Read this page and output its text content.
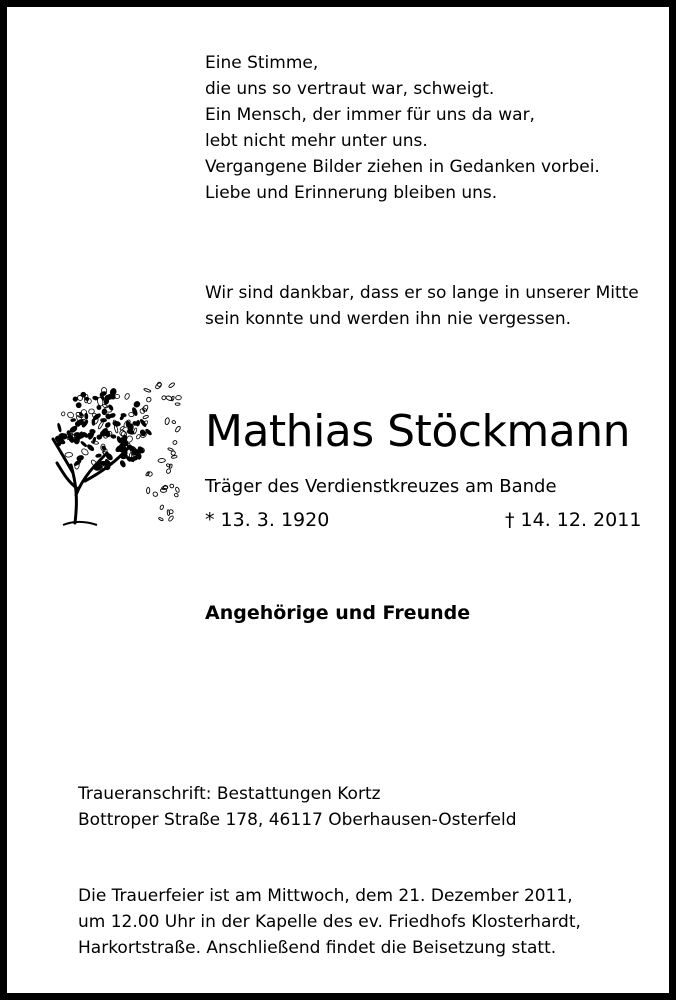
Eine Stimme,
die uns so vertraut war, schweigt.
Ein Mensch, der immer für uns da war,
lebt nicht mehr unter uns.
Vergangene Bilder ziehen in Gedanken vorbei.
Liebe und Erinnerung bleiben uns.
Wir sind dankbar, dass er so lange in unserer Mitte
sein konnte und werden ihn nie vergessen.
Mathias Stöckmann
Träger des Verdienstkreuzes am Bande
* 13. 3. 1920	† 14. 12. 2011
Angehörige und Freunde
Traueranschrift: Bestattungen Kortz
Bottroper Straße 178, 46117 Oberhausen-Osterfeld
Die Trauerfeier ist am Mittwoch, dem 21. Dezember 2011,
um 12.00 Uhr in der Kapelle des ev. Friedhofs Klosterhardt,
Harkortstraße. Anschließend findet die Beisetzung statt.
